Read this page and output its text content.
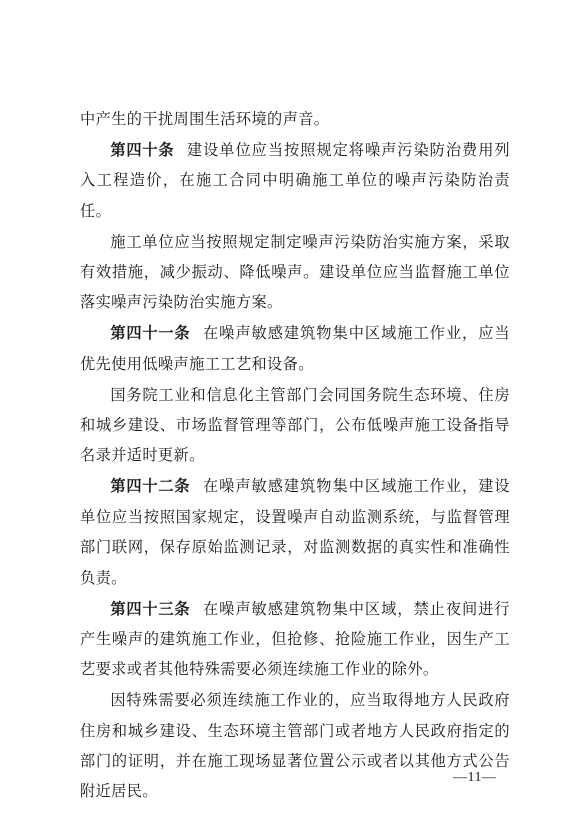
中产生的干扰周围生活环境的声音。

第四十条 建设单位应当按照规定将噪声污染防治费用列入工程造价，在施工合同中明确施工单位的噪声污染防治责任。

施工单位应当按照规定制定噪声污染防治实施方案，采取有效措施，减少振动、降低噪声。建设单位应当监督施工单位落实噪声污染防治实施方案。

第四十一条 在噪声敏感建筑物集中区域施工作业，应当优先使用低噪声施工工艺和设备。

国务院工业和信息化主管部门会同国务院生态环境、住房和城乡建设、市场监督管理等部门，公布低噪声施工设备指导名录并适时更新。

第四十二条 在噪声敏感建筑物集中区域施工作业，建设单位应当按照国家规定，设置噪声自动监测系统，与监督管理部门联网，保存原始监测记录，对监测数据的真实性和准确性负责。

第四十三条 在噪声敏感建筑物集中区域，禁止夜间进行产生噪声的建筑施工作业，但抢修、抢险施工作业，因生产工艺要求或者其他特殊需要必须连续施工作业的除外。

因特殊需要必须连续施工作业的，应当取得地方人民政府住房和城乡建设、生态环境主管部门或者地方人民政府指定的部门的证明，并在施工现场显著位置公示或者以其他方式公告附近居民。

—11—
